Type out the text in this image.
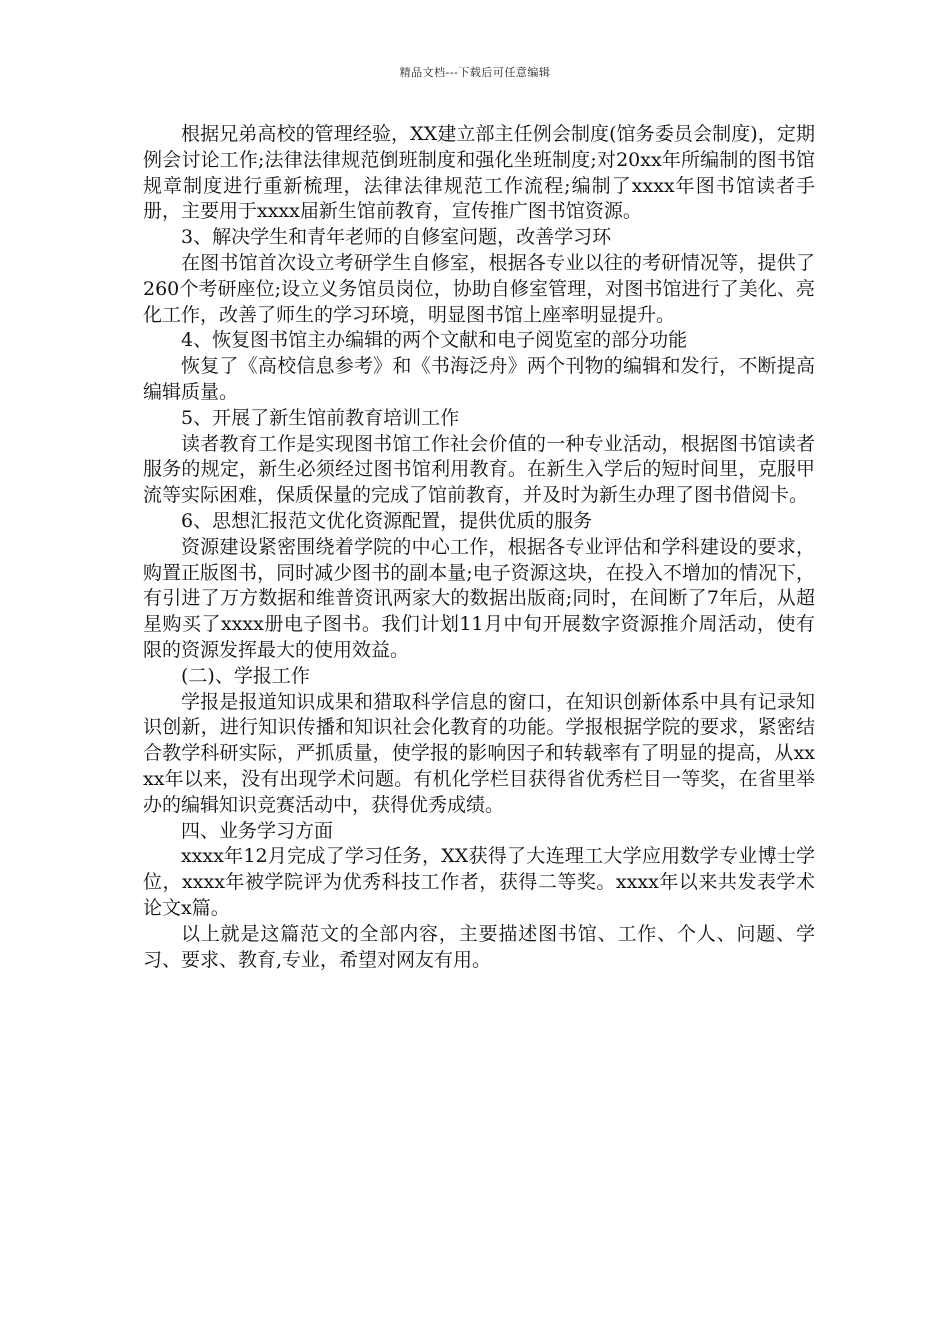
精品文档---下载后可任意编辑

根据兄弟高校的管理经验，XX建立部主任例会制度(馆务委员会制度)，定期例会讨论工作;法律法律规范倒班制度和强化坐班制度;对20xx年所编制的图书馆规章制度进行重新梳理，法律法律规范工作流程;编制了xxxx年图书馆读者手册，主要用于xxxx届新生馆前教育，宣传推广图书馆资源。

3、解决学生和青年老师的自修室问题，改善学习环

在图书馆首次设立考研学生自修室，根据各专业以往的考研情况等，提供了260个考研座位;设立义务馆员岗位，协助自修室管理，对图书馆进行了美化、亮化工作，改善了师生的学习环境，明显图书馆上座率明显提升。

4、恢复图书馆主办编辑的两个文献和电子阅览室的部分功能

恢复了《高校信息参考》和《书海泛舟》两个刊物的编辑和发行，不断提高编辑质量。

5、开展了新生馆前教育培训工作

读者教育工作是实现图书馆工作社会价值的一种专业活动，根据图书馆读者服务的规定，新生必须经过图书馆利用教育。在新生入学后的短时间里，克服甲流等实际困难，保质保量的完成了馆前教育，并及时为新生办理了图书借阅卡。

6、思想汇报范文优化资源配置，提供优质的服务

资源建设紧密围绕着学院的中心工作，根据各专业评估和学科建设的要求，购置正版图书，同时减少图书的副本量;电子资源这块，在投入不增加的情况下，有引进了万方数据和维普资讯两家大的数据出版商;同时，在间断了7年后，从超星购买了xxxx册电子图书。我们计划11月中旬开展数字资源推介周活动，使有限的资源发挥最大的使用效益。

(二)、学报工作

学报是报道知识成果和猎取科学信息的窗口，在知识创新体系中具有记录知识创新，进行知识传播和知识社会化教育的功能。学报根据学院的要求，紧密结合教学科研实际，严抓质量，使学报的影响因子和转载率有了明显的提高，从xxxx年以来，没有出现学术问题。有机化学栏目获得省优秀栏目一等奖，在省里举办的编辑知识竞赛活动中，获得优秀成绩。

四、业务学习方面

xxxx年12月完成了学习任务，XX获得了大连理工大学应用数学专业博士学位，xxxx年被学院评为优秀科技工作者，获得二等奖。xxxx年以来共发表学术论文x篇。

以上就是这篇范文的全部内容，主要描述图书馆、工作、个人、问题、学习、要求、教育,专业，希望对网友有用。
